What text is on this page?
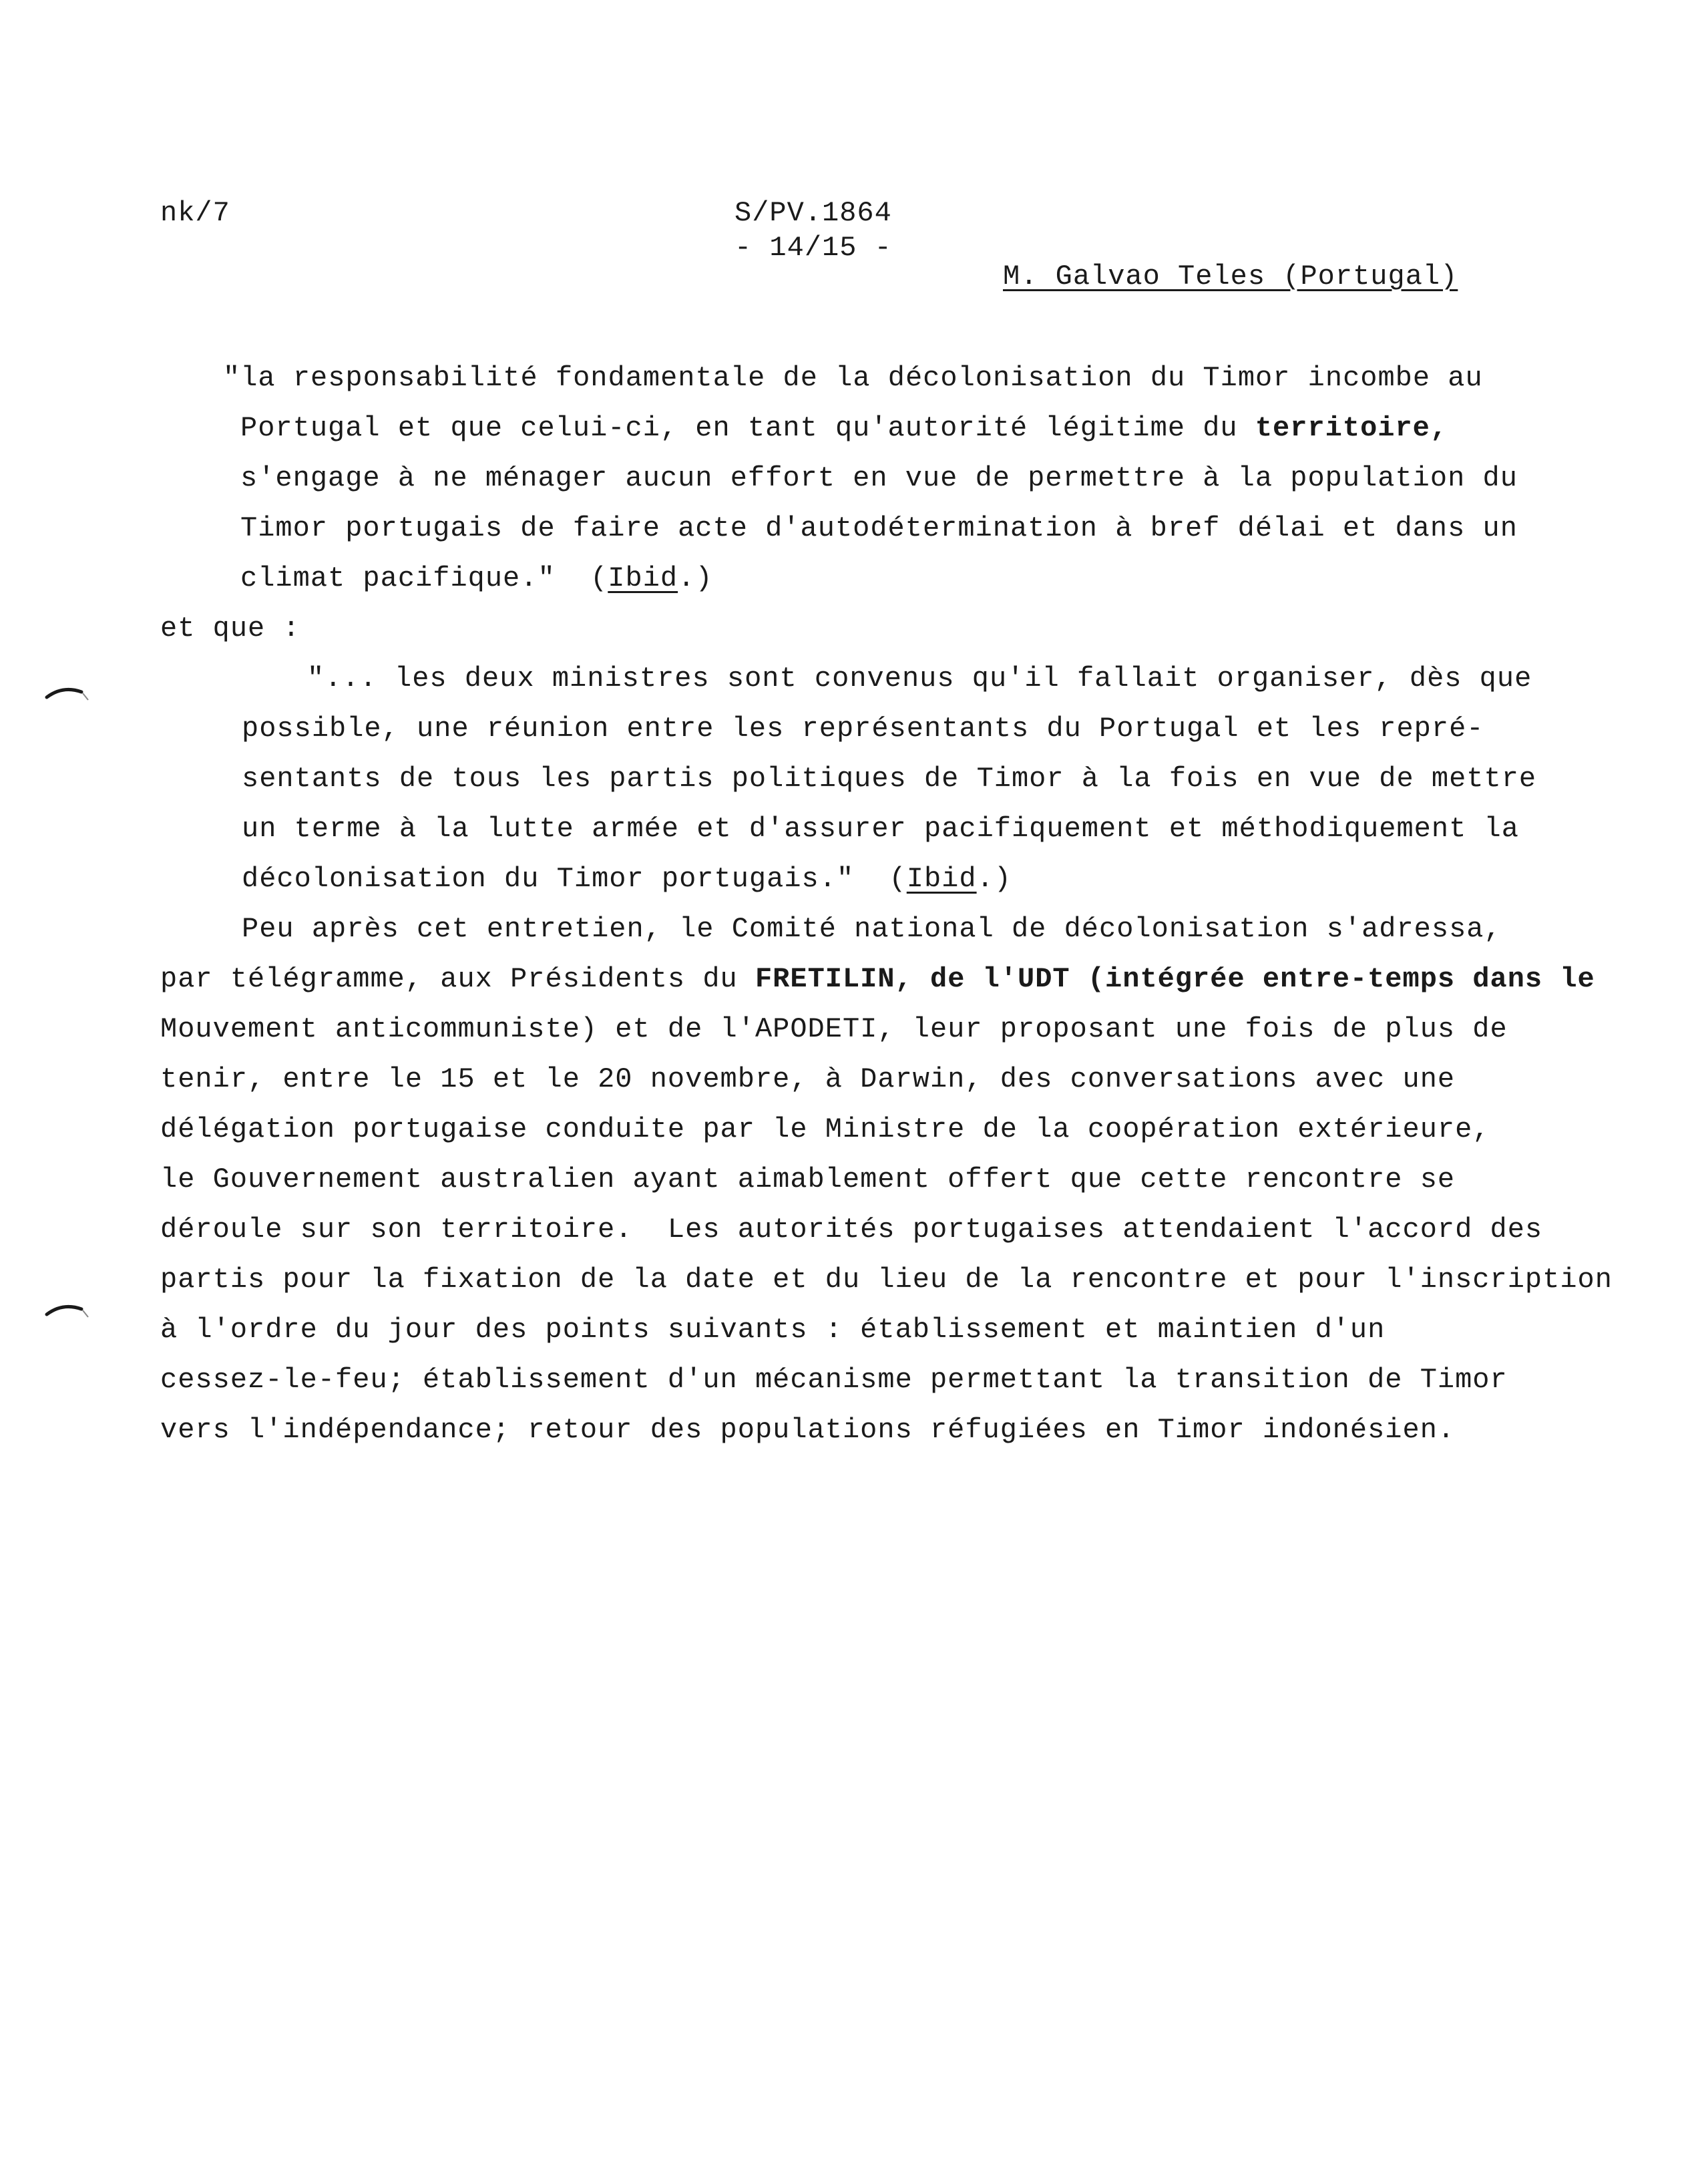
nk/7	S/PV.1864
- 14/15 -
M. Galvao Teles (Portugal)
"la responsabilité fondamentale de la décolonisation du Timor incombe au
Portugal et que celui-ci, en tant qu'autorité légitime du territoire,
s'engage à ne ménager aucun effort en vue de permettre à la population du
Timor portugais de faire acte d'autodétermination à bref délai et dans un
climat pacifique."  (Ibid.)
et que :
"... les deux ministres sont convenus qu'il fallait organiser, dès que
possible, une réunion entre les représentants du Portugal et les repré-
sentants de tous les partis politiques de Timor à la fois en vue de mettre
un terme à la lutte armée et d'assurer pacifiquement et méthodiquement la
décolonisation du Timor portugais."  (Ibid.)
Peu après cet entretien, le Comité national de décolonisation s'adressa,
par télégramme, aux Présidents du FRETILIN, de l'UDT (intégrée entre-temps dans le
Mouvement anticommuniste) et de l'APODETI, leur proposant une fois de plus de
tenir, entre le 15 et le 20 novembre, à Darwin, des conversations avec une
délégation portugaise conduite par le Ministre de la coopération extérieure,
le Gouvernement australien ayant aimablement offert que cette rencontre se
déroule sur son territoire.  Les autorités portugaises attendaient l'accord des
partis pour la fixation de la date et du lieu de la rencontre et pour l'inscription
à l'ordre du jour des points suivants : établissement et maintien d'un
cessez-le-feu; établissement d'un mécanisme permettant la transition de Timor
vers l'indépendance; retour des populations réfugiées en Timor indonésien.
